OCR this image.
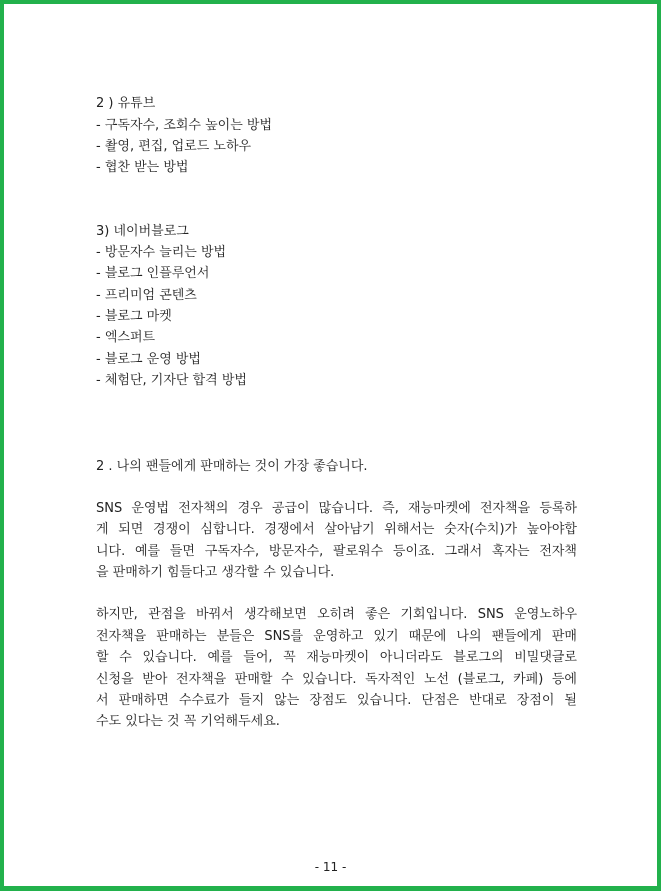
2 ) 유튜브
- 구독자수, 조회수 높이는 방법
- 촬영, 편집, 업로드 노하우
- 협찬 받는 방법
3) 네이버블로그
- 방문자수 늘리는 방법
- 블로그 인플루언서
- 프리미엄 콘텐츠
- 블로그 마켓
- 엑스퍼트
- 블로그 운영 방법
- 체험단, 기자단 합격 방법
2 . 나의 팬들에게 판매하는 것이 가장 좋습니다.
SNS 운영법 전자책의 경우 공급이 많습니다. 즉, 재능마켓에 전자책을 등록하
게 되면 경쟁이 심합니다. 경쟁에서 살아남기 위해서는 숫자(수치)가 높아야합
니다. 예를 들면 구독자수, 방문자수, 팔로워수 등이죠. 그래서 혹자는 전자책
을 판매하기 힘들다고 생각할 수 있습니다.
하지만, 관점을 바꿔서 생각해보면 오히려 좋은 기회입니다. SNS 운영노하우
전자책을 판매하는 분들은 SNS를 운영하고 있기 때문에 나의 팬들에게 판매
할 수 있습니다. 예를 들어, 꼭 재능마켓이 아니더라도 블로그의 비밀댓글로
신청을 받아 전자책을 판매할 수 있습니다. 독자적인 노선 (블로그, 카페) 등에
서 판매하면 수수료가 들지 않는 장점도 있습니다. 단점은 반대로 장점이 될
수도 있다는 것 꼭 기억해두세요.
- 11 -
